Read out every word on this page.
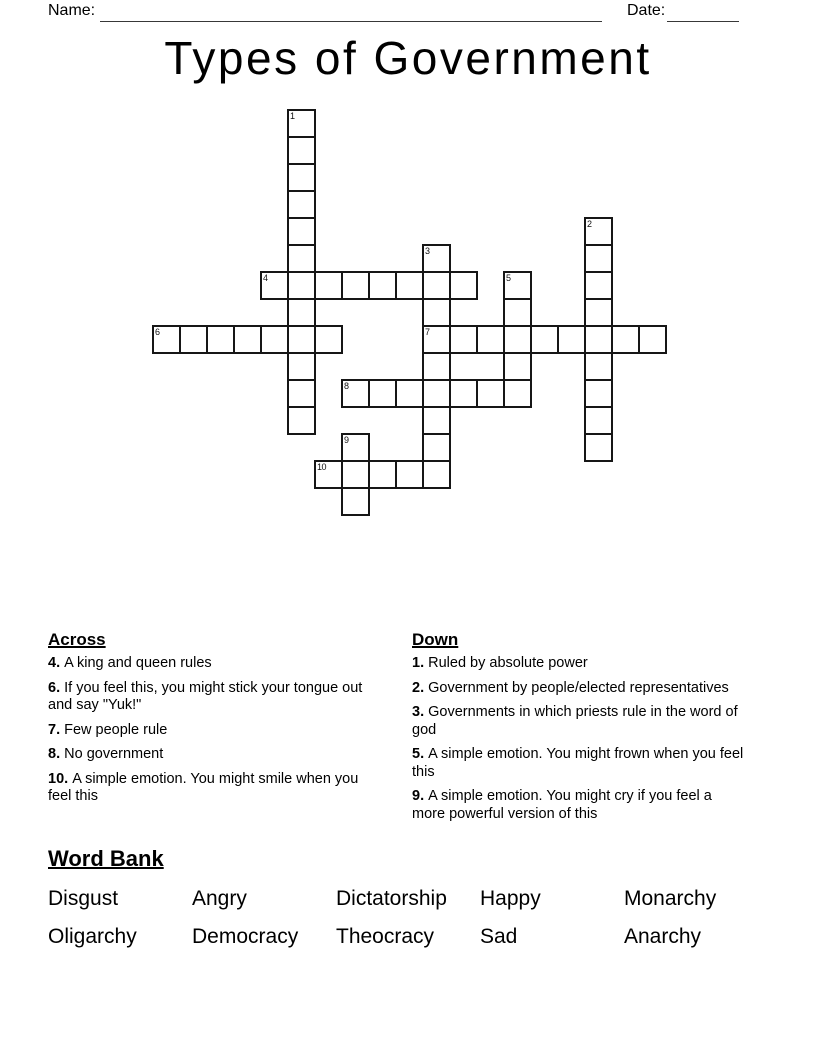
Name:	Date:
Types of Government
1
2
3
7
4	5
6
8
9
10
Across
4. A king and queen rules
6. If you feel this, you might stick your tongue out and say "Yuk!"
7. Few people rule
8. No government
10. A simple emotion. You might smile when you feel this
Down
1. Ruled by absolute power
2. Government by people/elected representatives
3. Governments in which priests rule in the word of god
5. A simple emotion. You might frown when you feel this
9. A simple emotion. You might cry if you feel a more powerful version of this
Word Bank
Disgust	Angry	Dictatorship	Happy	Monarchy
Oligarchy	Democracy	Theocracy	Sad	Anarchy
